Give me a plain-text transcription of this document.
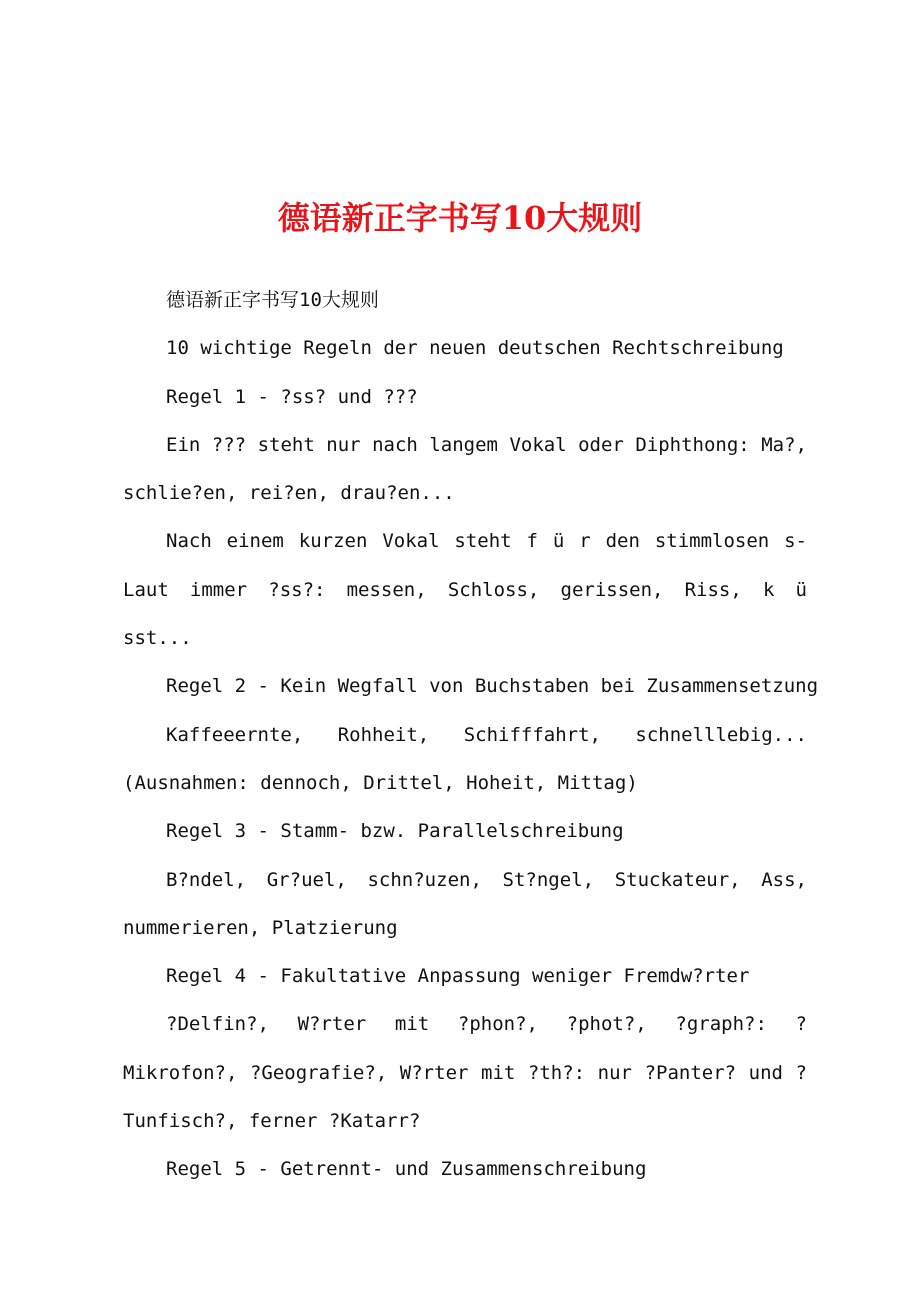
德语新正字书写10大规则

德语新正字书写10大规则

10 wichtige Regeln der neuen deutschen Rechtschreibung

Regel 1 - ?ss? und ???

Ein ??? steht nur nach langem Vokal oder Diphthong: Ma?, schlie?en, rei?en, drau?en...

Nach einem kurzen Vokal steht f ü r den stimmlosen s-Laut immer ?ss?: messen, Schloss, gerissen, Riss, k ü sst...

Regel 2 - Kein Wegfall von Buchstaben bei Zusammensetzung

Kaffeeernte, Rohheit, Schifffahrt, schnelllebig... (Ausnahmen: dennoch, Drittel, Hoheit, Mittag)

Regel 3 - Stamm- bzw. Parallelschreibung

B?ndel, Gr?uel, schn?uzen, St?ngel, Stuckateur, Ass, nummerieren, Platzierung

Regel 4 - Fakultative Anpassung weniger Fremdw?rter

?Delfin?, W?rter mit ?phon?, ?phot?, ?graph?: ?Mikrofon?, ?Geografie?, W?rter mit ?th?: nur ?Panter? und ?Tunfisch?, ferner ?Katarr?

Regel 5 - Getrennt- und Zusammenschreibung
